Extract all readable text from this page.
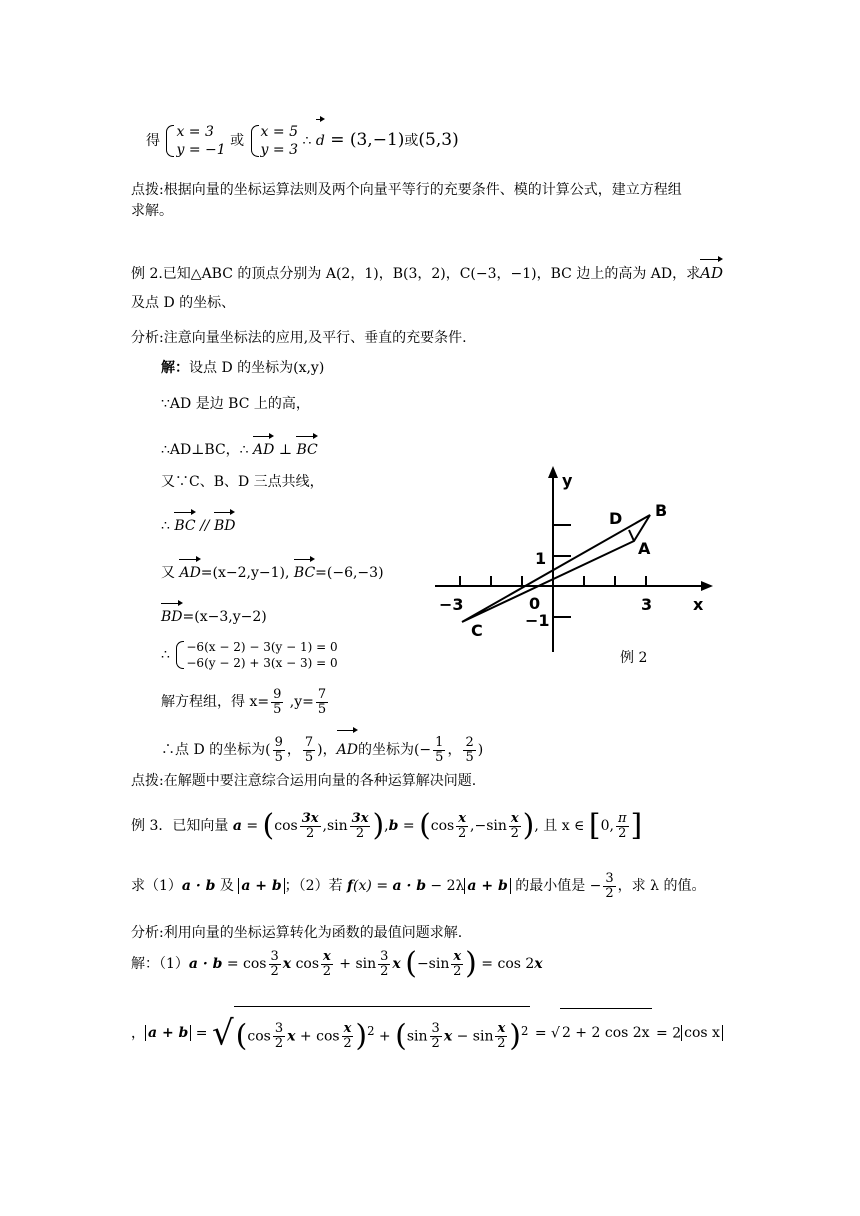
得
x = 3
y = −1
或
x = 5
y = 3
∴ d = (3,−1)或(5,3)
点拨:根据向量的坐标运算法则及两个向量平等行的充要条件、模的计算公式，建立方程组
求解。
例 2.已知△ABC 的顶点分别为 A(2，1)，B(3，2)，C(−3，−1)，BC 边上的高为 AD，求AD
及点 D 的坐标、
分析:注意向量坐标法的应用,及平行、垂直的充要条件.
解：设点 D 的坐标为(x,y)
∵AD 是边 BC 上的高，
∴AD⊥BC，∴ AD ⊥ BC
又∵C、B、D 三点共线，
∴ BC // BD
又 AD=(x−2,y−1), BC=(−6,−3)
BD=(x−3,y−2)
∴ −6(x − 2) − 3(y − 1) = 0
−6(y − 2) + 3(x − 3) = 0
解方程组，得 $x= \frac{9}{5} ,y= \frac{7}{5}$
∴点 D 的坐标为( $\frac{9}{5}$ ， $\frac{7}{5}$ )，AD的坐标为(− $\frac{1}{5}$ ， $\frac{2}{5}$ )
y
x
1
−1
0	3
−3
D B
A
C
例 2
点拨:在解题中要注意综合运用向量的各种运算解决问题.
例 3．已知向量 $a = (\cos \frac{3x}{2} ,\sin \frac{3x}{2} ),b = (\cos \frac{x}{2} ,-\sin \frac{x}{2}$ ), 且 x ∈ [0, $\frac{\pi}{2}$ ]
求（1）a · b 及 a + b ；（2）若 f(x) = a · b − 2λ a + b 的最小值是 − $\frac{3}{2}$ ，求 λ 的值。
分析:利用向量的坐标运算转化为函数的最值问题求解.
解：$(1)a \cdot b = \cos \frac{3}{2}$ x $\cos \frac{x}{2} + \sin \frac{3}{2}$ x ($-\sin \frac{x}{2}$ ) = cos 2x
， $a + b = √(\cos \frac{3}{2}$ $x + \cos \frac{x}{2} )^2 + (\sin \frac{3}{2}$ $x - \sin \frac{x}{2} )^2$ = √ 2 + 2 cos 2x = 2 cos x
